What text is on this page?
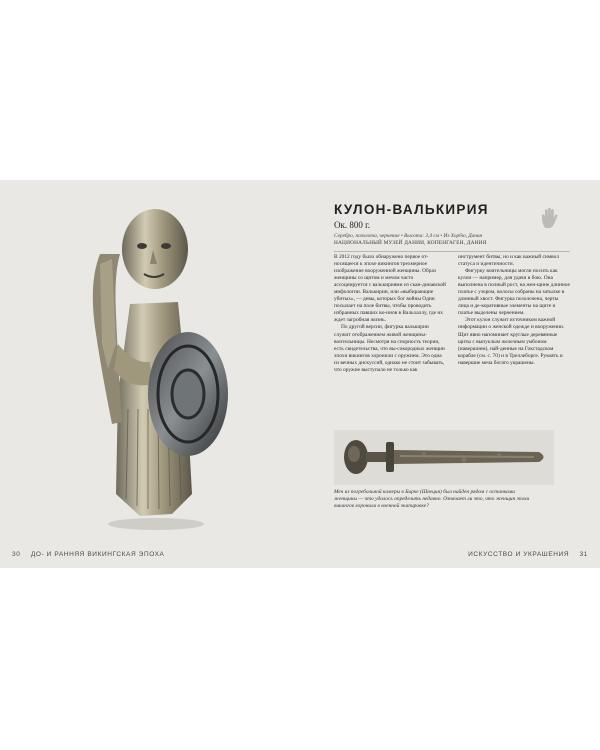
30 ДО- И РАННЯЯ ВИКИНГСКАЯ ЭПОХА
КУЛОН-ВАЛЬКИРИЯ
Ок. 800 г.
Серебро, позолота, чернение • Высота: 3,4 см • Из Хорбю, Дания
НАЦИОНАЛЬНЫЙ МУЗЕЙ ДАНИИ, КОПЕНГАГЕН, ДАНИЯ

В 2012 году было обнаружено первое от-носящееся к эпохе викингов трехмерное изображение вооруженной женщины. Образ женщины со щитом и мечом часто ассоциируется с валькириями из скан-динавской мифологии. Валькирии, или «выбирающие убитых», — девы, которых бог войны Один посылает на поле битвы, чтобы проводить избранных павших во-инов в Вальхаллу, где их ждет загробная жизнь.

По другой версии, фигурка валькирии служит отображением живой женщины-воительницы. Несмотря на спорность теории, есть свидетельства, что вы-сокородных женщин эпохи викингов хоронили с оружием. Это одна из вечных дискуссий, однако не стоит забывать, что оружие выступало не только как

инструмент битвы, но и как важный символ статуса и идентичности.

Фигурку воительницы могли носить как кулон — например, для удачи в бою. Она выполнена в полный рост, на жен-щине длинное платье с узором, волосы собраны на затылке в длинный хвост. Фигурка позолочена, черты лица и де-коративные элементы на щите и платье выделены чернением.

Этот кулон служит источником важной информации о женской одежде и вооружении. Щит явно напоминает круглые деревянные щиты с выпуклым железным умбоном (навершием), най-денные на Гокстадском корабле (см. с. 70) и в Треллеборге. Рукоять и навершие меча богато украшены.

Меч из погребальной камеры в Бирке (Швеция) был найден рядом с останками женщины — что удалось определить недавно. Означает ли это, что женщин эпохи викингов хоронили в военной экипировке?
ИСКУССТВО И УКРАШЕНИЯ 31
